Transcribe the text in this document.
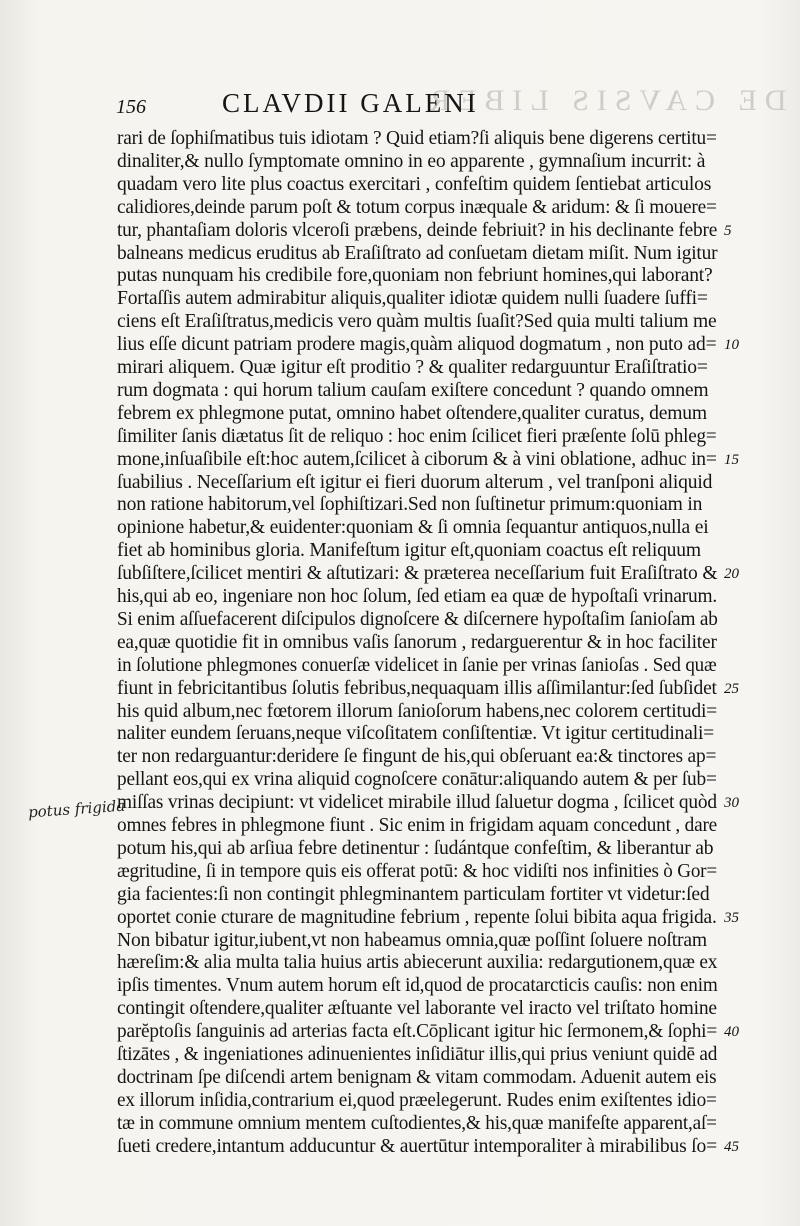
DE CAVSIS LIBER
156	CLAVDII GALENI
potus frigida
rari de ſophiſmatibus tuis idiotam ? Quid etiam?ſi aliquis bene digerens certitu=
dinaliter,& nullo ſymptomate omnino in eo apparente , gymnaſium incurrit: à
quadam vero lite plus coactus exercitari , confeſtim quidem ſentiebat articulos
calidiores,deinde parum poſt & totum corpus inæquale & aridum: & ſi mouere=
tur, phantaſiam doloris vlceroſi præbens, deinde febriuit? in his declinante febre
balneans medicus eruditus ab Eraſiſtrato ad conſuetam dietam miſit. Num igitur
putas nunquam his credibile fore,quoniam non febriunt homines,qui laborant?
Fortaſſis autem admirabitur aliquis,qualiter idiotæ quidem nulli ſuadere ſuffi=
ciens eſt Eraſiſtratus,medicis vero quàm multis ſuaſit?Sed quia multi talium me
lius eſſe dicunt patriam prodere magis,quàm aliquod dogmatum , non puto ad=
mirari aliquem. Quæ igitur eſt proditio ? & qualiter redarguuntur Eraſiſtratio=
rum dogmata : qui horum talium cauſam exiſtere concedunt ? quando omnem
febrem ex phlegmone putat, omnino habet oſtendere,qualiter curatus, demum
ſimiliter ſanis diætatus ſit de reliquo : hoc enim ſcilicet fieri præſente ſolū phleg=
mone,inſuaſibile eſt:hoc autem,ſcilicet à ciborum & à vini oblatione, adhuc in=
ſuabilius . Neceſſarium eſt igitur ei fieri duorum alterum , vel tranſponi aliquid
non ratione habitorum,vel ſophiſtizari.Sed non ſuſtinetur primum:quoniam in
opinione habetur,& euidenter:quoniam & ſi omnia ſequantur antiquos,nulla ei
fiet ab hominibus gloria. Manifeſtum igitur eſt,quoniam coactus eſt reliquum
ſubſiſtere,ſcilicet mentiri & aſtutizari: & præterea neceſſarium fuit Eraſiſtrato &
his,qui ab eo, ingeniare non hoc ſolum, ſed etiam ea quæ de hypoſtaſi vrinarum.
Si enim aſſuefacerent diſcipulos dignoſcere & diſcernere hypoſtaſim ſanioſam ab
ea,quæ quotidie fit in omnibus vaſis ſanorum , redarguerentur & in hoc faciliter
in ſolutione phlegmones conuerſæ videlicet in ſanie per vrinas ſanioſas . Sed quæ
fiunt in febricitantibus ſolutis febribus,nequaquam illis aſſimilantur:ſed ſubſidet
his quid album,nec fœtorem illorum ſanioſorum habens,nec colorem certitudi=
naliter eundem ſeruans,neque viſcoſitatem conſiſtentiæ. Vt igitur certitudinali=
ter non redarguantur:deridere ſe fingunt de his,qui obſeruant ea:& tinctores ap=
pellant eos,qui ex vrina aliquid cognoſcere conātur:aliquando autem & per ſub=
miſſas vrinas decipiunt: vt videlicet mirabile illud ſaluetur dogma , ſcilicet quòd
omnes febres in phlegmone fiunt . Sic enim in frigidam aquam concedunt , dare
potum his,qui ab arſiua febre detinentur : ſudántque confeſtim, & liberantur ab
ægritudine, ſi in tempore quis eis offerat potū: & hoc vidiſti nos infinities ò Gor=
gia facientes:ſi non contingit phlegminantem particulam fortiter vt videtur:ſed
oportet conie cturare de magnitudine febrium , repente ſolui bibita aqua frigida.
Non bibatur igitur,iubent,vt non habeamus omnia,quæ poſſint ſoluere noſtram
hæreſim:& alia multa talia huius artis abiecerunt auxilia: redargutionem,quæ ex
ipſis timentes. Vnum autem horum eſt id,quod de procatarcticis cauſis: non enim
contingit oſtendere,qualiter æſtuante vel laborante vel iracto vel triſtato homine
parĕptoſis ſanguinis ad arterias facta eſt.Cōplicant igitur hic ſermonem,& ſophi=
ſtizātes , & ingeniationes adinuenientes inſidiātur illis,qui prius veniunt quidē ad
doctrinam ſpe diſcendi artem benignam & vitam commodam. Aduenit autem eis
ex illorum inſidia,contrarium ei,quod præelegerunt. Rudes enim exiſtentes idio=
tæ in commune omnium mentem cuſtodientes,& his,quæ manifeſte apparent,aſ=
ſueti credere,intantum adducuntur & auertūtur intemporaliter à mirabilibus ſo=
5
10
15
20
25
30
35
40
45
